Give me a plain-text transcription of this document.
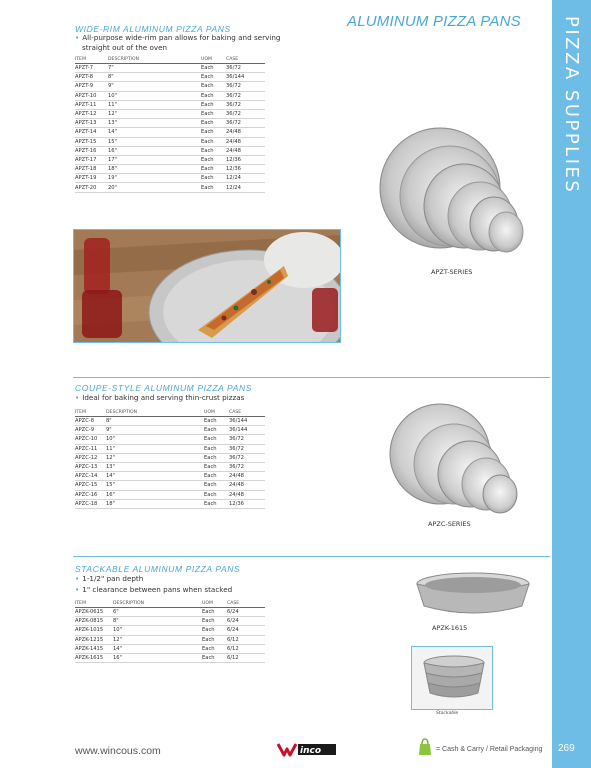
PIZZA SUPPLIES
269
ALUMINUM PIZZA PANS
WIDE-RIM ALUMINUM PIZZA PANS
• All-purpose wide-rim pan allows for baking and serving
straight out of the oven
ITEM	DESCRIPTION	UOM	CASE
APZT-7	7"	Each	36/72
APZT-8	8"	Each	36/144
APZT-9	9"	Each	36/72
APZT-10	10"	Each	36/72
APZT-11	11"	Each	36/72
APZT-12	12"	Each	36/72
APZT-13	13"	Each	36/72
APZT-14	14"	Each	24/48
APZT-15	15"	Each	24/48
APZT-16	16"	Each	24/48
APZT-17	17"	Each	12/36
APZT-18	18"	Each	12/36
APZT-19	19"	Each	12/24
APZT-20	20"	Each	12/24
APZT-SERIES
COUPE-STYLE ALUMINUM PIZZA PANS
• Ideal for baking and serving thin-crust pizzas
ITEM	DESCRIPTION	UOM	CASE
APZC-8	8"	Each	36/144
APZC-9	9"	Each	36/144
APZC-10	10"	Each	36/72
APZC-11	11"	Each	36/72
APZC-12	12"	Each	36/72
APZC-13	13"	Each	36/72
APZC-14	14"	Each	24/48
APZC-15	15"	Each	24/48
APZC-16	16"	Each	24/48
APZC-18	18"	Each	12/36
APZC-SERIES
STACKABLE ALUMINUM PIZZA PANS
• 1-1/2" pan depth
• 1" clearance between pans when stacked
ITEM	DESCRIPTION	UOM	CASE
APZK-0615	6"	Each	6/24
APZK-0815	8"	Each	6/24
APZK-1015	10"	Each	6/24
APZK-1215	12"	Each	6/12
APZK-1415	14"	Each	6/12
APZK-1615	16"	Each	6/12
APZK-1615
Stackable
www.wincous.com	inco	= Cash & Carry / Retail Packaging
